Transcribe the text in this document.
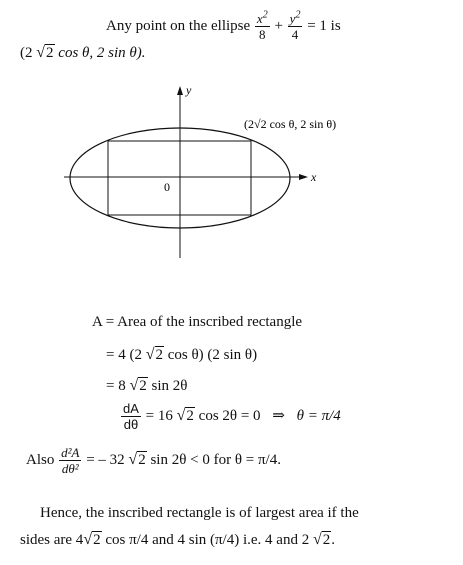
Any point on the ellipse $\frac{x^2}{8} + \frac{y^2}{4} = 1$ is
(2 √2 cos θ, 2 sin θ).
y
x
0
(2√2 cos θ, 2 sin θ)
A = Area of the inscribed rectangle
= 4 (2 √2 cos θ) (2 sin θ)
= 8 √2 sin 2θ
$\frac{dA}{d\theta} = 16$ √2 cos 2θ = 0 ⇒ θ = π/4
Also $\frac{\text{d²A}}{\text{dθ²}}$ = – 32 √2 sin 2θ < 0 for θ = π/4.
Hence, the inscribed rectangle is of largest area if the
sides are 4√2 cos π/4 and 4 sin (π/4) i.e. 4 and 2 √2.
